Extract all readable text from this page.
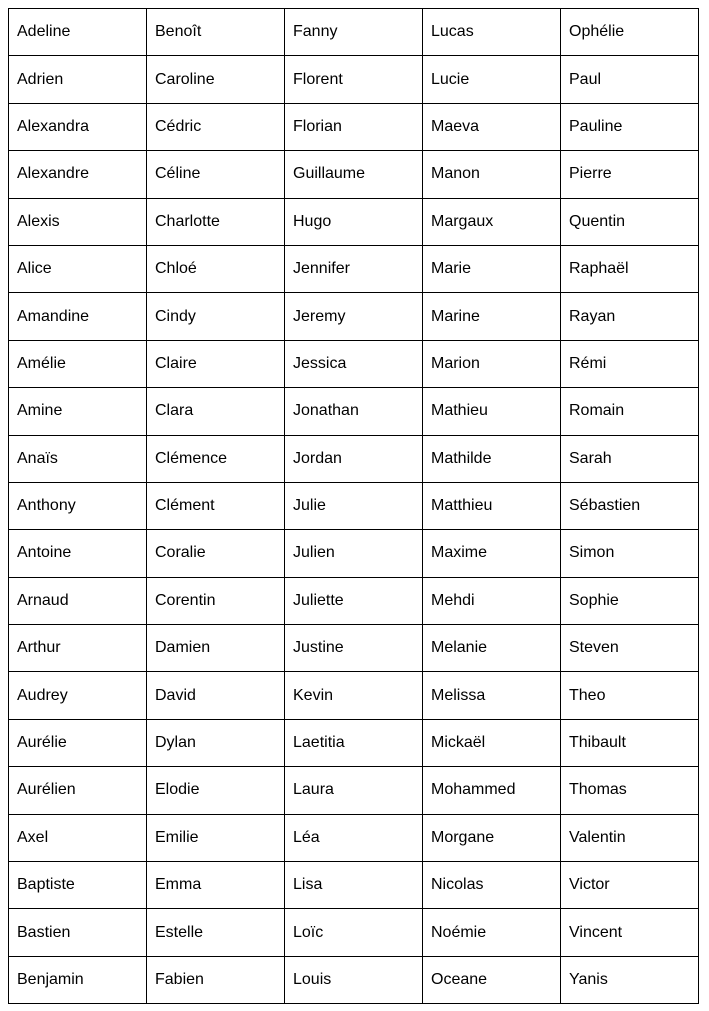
Adeline	Benoît	Fanny	Lucas	Ophélie
Adrien	Caroline	Florent	Lucie	Paul
Alexandra	Cédric	Florian	Maeva	Pauline
Alexandre	Céline	Guillaume	Manon	Pierre
Alexis	Charlotte	Hugo	Margaux	Quentin
Alice	Chloé	Jennifer	Marie	Raphaël
Amandine	Cindy	Jeremy	Marine	Rayan
Amélie	Claire	Jessica	Marion	Rémi
Amine	Clara	Jonathan	Mathieu	Romain
Anaïs	Clémence	Jordan	Mathilde	Sarah
Anthony	Clément	Julie	Matthieu	Sébastien
Antoine	Coralie	Julien	Maxime	Simon
Arnaud	Corentin	Juliette	Mehdi	Sophie
Arthur	Damien	Justine	Melanie	Steven
Audrey	David	Kevin	Melissa	Theo
Aurélie	Dylan	Laetitia	Mickaël	Thibault
Aurélien	Elodie	Laura	Mohammed	Thomas
Axel	Emilie	Léa	Morgane	Valentin
Baptiste	Emma	Lisa	Nicolas	Victor
Bastien	Estelle	Loïc	Noémie	Vincent
Benjamin	Fabien	Louis	Oceane	Yanis
